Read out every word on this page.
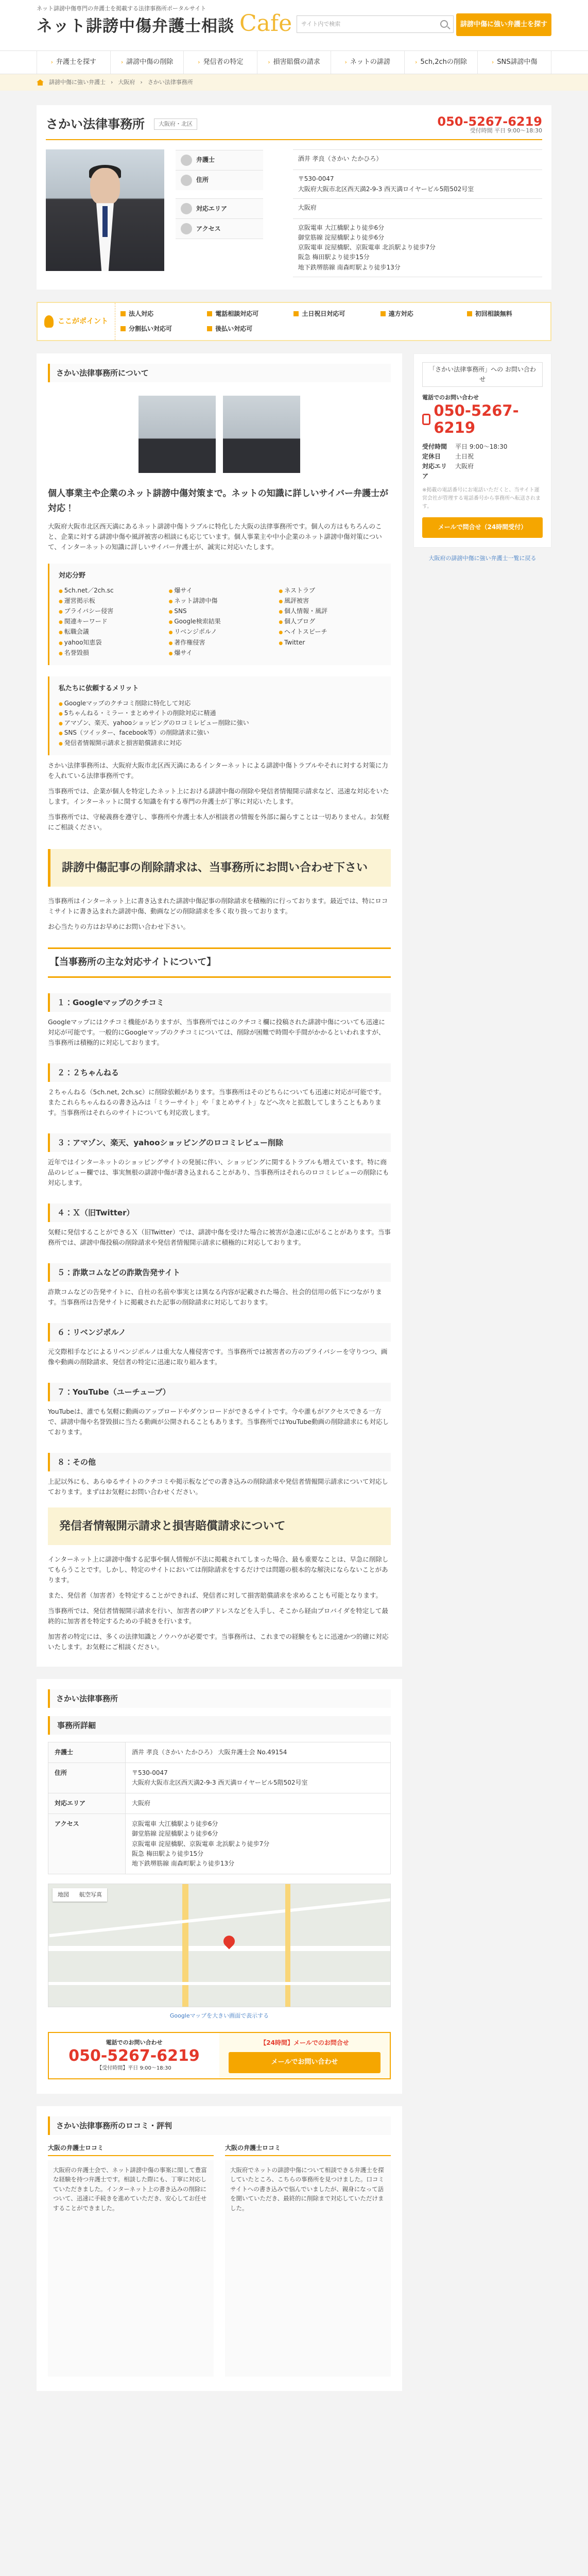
ネット誹謗中傷専門の弁護士を掲載する法律事務所ポータルサイト
ネット誹謗中傷弁護士相談 Cafe サイト内で検索	誹謗中傷に強い弁護士を探す
› 弁護士を探す	› 誹謗中傷の削除	› 発信者の特定	› 損害賠償の請求	› ネットの誹謗	› 5ch,2chの削除	› SNS誹謗中傷
誹謗中傷に強い弁護士 › 大阪府 › さかい法律事務所
さかい法律事務所	大阪府・北区	050-5267-6219
受付時間 平日 9:00〜18:30
弁護士	酒井 孝良（さかい たかひろ）

住所	〒530-0047
大阪府大阪市北区西天満2-9-3 西天満ロイヤービル5階502号室

対応エリア	大阪府

アクセス	京阪電車 大江橋駅より徒歩6分
御堂筋線 淀屋橋駅より徒歩6分
京阪電車 淀屋橋駅、京阪電車 北浜駅より徒歩7分
阪急 梅田駅より徒歩15分
地下鉄堺筋線 南森町駅より徒歩13分
ここがポイント
法人対応	電話相談対応可	土日祝日対応可	遠方対応	初回相談無料
分割払い対応可	後払い対応可
さかい法律事務所について
個人事業主や企業のネット誹謗中傷対策まで。ネットの知識に詳しいサイバー弁護士が対応！

大阪府大阪市北区西天満にあるネット誹謗中傷トラブルに特化した大阪の法律事務所です。個人の方はもちろんのこと、企業に対する誹謗中傷や風評被害の相談にも応じています。個人事業主や中小企業のネット誹謗中傷対策について、インターネットの知識に詳しいサイバー弁護士が、誠実に対応いたします。

対応分野
● 5ch.net／2ch.sc	● 爆サイ	● ネストラブ
● 運営掲示板	● ネット誹謗中傷	● 風評被害
● プライバシー侵害	● SNS	● 個人情報・風評
● 関連キーワード	● Google検索結果	● 個人ブログ
● 転職会議	● リベンジポルノ	● ヘイトスピーチ
● yahoo知恵袋	● 著作権侵害	● Twitter
● 名誉毀損	● 爆サイ
私たちに依頼するメリット
● Googleマップのクチコミ削除に特化して対応
● 5ちゃんねる・ミラー・まとめサイトの削除対応に精通
● アマゾン、楽天、yahooショッピングのロコミレビュー削除に強い
● SNS（ツイッター、facebook等）の削除請求に強い
● 発信者情報開示請求と損害賠償請求に対応

さかい法律事務所は、大阪府大阪市北区西天満にあるインターネットによる誹謗中傷トラブルやそれに対する対策に力を入れている法律事務所です。

当事務所では、企業が個人を特定したネット上における誹謗中傷の削除や発信者情報開示請求など、迅速な対応をいたします。インターネットに関する知識を有する専門の弁護士が丁寧に対応いたします。

当事務所では、守秘義務を遵守し、事務所や弁護士本人が相談者の情報を外部に漏らすことは一切ありません。お気軽にご相談ください。

誹謗中傷記事の削除請求は、当事務所にお問い合わせ下さい

当事務所はインターネット上に書き込まれた誹謗中傷記事の削除請求を積極的に行っております。最近では、特にロコミサイトに書き込まれた誹謗中傷、動画などの削除請求を多く取り扱っております。

お心当たりの方はお早めにお問い合わせ下さい。

【当事務所の主な対応サイトについて】
１：Googleマップのクチコミ

Googleマップにはクチコミ機能がありますが、当事務所ではこのクチコミ欄に投稿された誹謗中傷についても迅速に対応が可能です。一般的にGoogleマップのクチコミについては、削除が困難で時間や手間がかかるといわれますが、当事務所は積極的に対応しております。

２：２ちゃんねる

２ちゃんねる（5ch.net, 2ch.sc）に削除依頼があります。当事務所はそのどちらについても迅速に対応が可能です。またこれらちゃんねるの書き込みは「ミラーサイト」や「まとめサイト」などへ次々と拡散してしまうこともあります。当事務所はそれらのサイトについても対応致します。

３：アマゾン、楽天、yahooショッピングのロコミレビュー削除

近年ではインターネットのショッピングサイトの発展に伴い、ショッピングに関するトラブルも増えています。特に商品のレビュー欄では、事実無根の誹謗中傷が書き込まれることがあり、当事務所はそれらのロコミレビューの削除にも対応します。

４：Ｘ（旧Twitter）

気軽に発信することができるＸ（旧Twitter）では、誹謗中傷を受けた場合に被害が急速に広がることがあります。当事務所では、誹謗中傷投稿の削除請求や発信者情報開示請求に積極的に対応しております。

５：詐欺コムなどの詐欺告発サイト

詐欺コムなどの告発サイトに、自社の名前や事実とは異なる内容が記載された場合、社会的信用の低下につながります。当事務所は告発サイトに掲載された記事の削除請求に対応しております。

６：リベンジポルノ

元交際相手などによるリベンジポルノは重大な人権侵害です。当事務所では被害者の方のプライバシーを守りつつ、画像や動画の削除請求、発信者の特定に迅速に取り組みます。

７：YouTube（ユーチューブ）

YouTubeは、誰でも気軽に動画のアップロードやダウンロードができるサイトです。今や誰もがアクセスできる一方で、誹謗中傷や名誉毀損に当たる動画が公開されることもあります。当事務所ではYouTube動画の削除請求にも対応しております。

８：その他

上記以外にも、あらゆるサイトのクチコミや掲示板などでの書き込みの削除請求や発信者情報開示請求について対応しております。まずはお気軽にお問い合わせください。

発信者情報開示請求と損害賠償請求について

インターネット上に誹謗中傷する記事や個人情報が不法に掲載されてしまった場合、最も重要なことは、早急に削除してもらうことです。しかし、特定のサイトにおいては削除請求をするだけでは問題の根本的な解決にならないことがあります。

また、発信者（加害者）を特定することができれば、発信者に対して損害賠償請求を求めることも可能となります。

当事務所では、発信者情報開示請求を行い、加害者のIPアドレスなどを入手し、そこから経由プロバイダを特定して最終的に加害者を特定するための手続きを行います。

加害者の特定には、多くの法律知識とノウハウが必要です。当事務所は、これまでの経験をもとに迅速かつ的確に対応いたします。お気軽にご相談ください。

さかい法律事務所
事務所詳細
弁護士	酒井 孝良（さかい たかひろ） 大阪弁護士会 No.49154
住所	〒530-0047
大阪府大阪市北区西天満2-9-3 西天満ロイヤービル5階502号室
対応エリア	大阪府
アクセス	京阪電車 大江橋駅より徒歩6分
御堂筋線 淀屋橋駅より徒歩6分
京阪電車 淀屋橋駅、京阪電車 北浜駅より徒歩7分
阪急 梅田駅より徒歩15分
地下鉄堺筋線 南森町駅より徒歩13分
地図	航空写真
Googleマップを大きい画面で表示する
電話でのお問い合わせ
050-5267-6219
【受付時間】平日 9:00〜18:30
【24時間】メールでのお問合せ
メールでお問い合わせ
さかい法律事務所のロコミ・評判
大阪の弁護士ロコミ
大阪府の弁護士会で、ネット誹謗中傷の事案に関して豊富な経験を持つ弁護士です。相談した際にも、丁寧に対応していただきました。インターネット上の書き込みの削除について、迅速に手続きを進めていただき、安心してお任せすることができました。
大阪の弁護士ロコミ
大阪府でネットの誹謗中傷について相談できる弁護士を探していたところ、こちらの事務所を見つけました。口コミサイトへの書き込みで悩んでいましたが、親身になって話を聞いていただき、最終的に削除まで対応していただけました。
「さかい法律事務所」への お問い合わせ
電話でのお問い合わせ
050-5267-6219
受付時間	平日 9:00〜18:30
定休日	土日祝
対応エリア
大阪府
※掲載の電話番号にお電話いただくと、当サイト運営会社が管理する電話番号から事務所へ転送されます。
メールで問合せ（24時間受付）
大阪府の誹謗中傷に強い弁護士一覧に戻る
